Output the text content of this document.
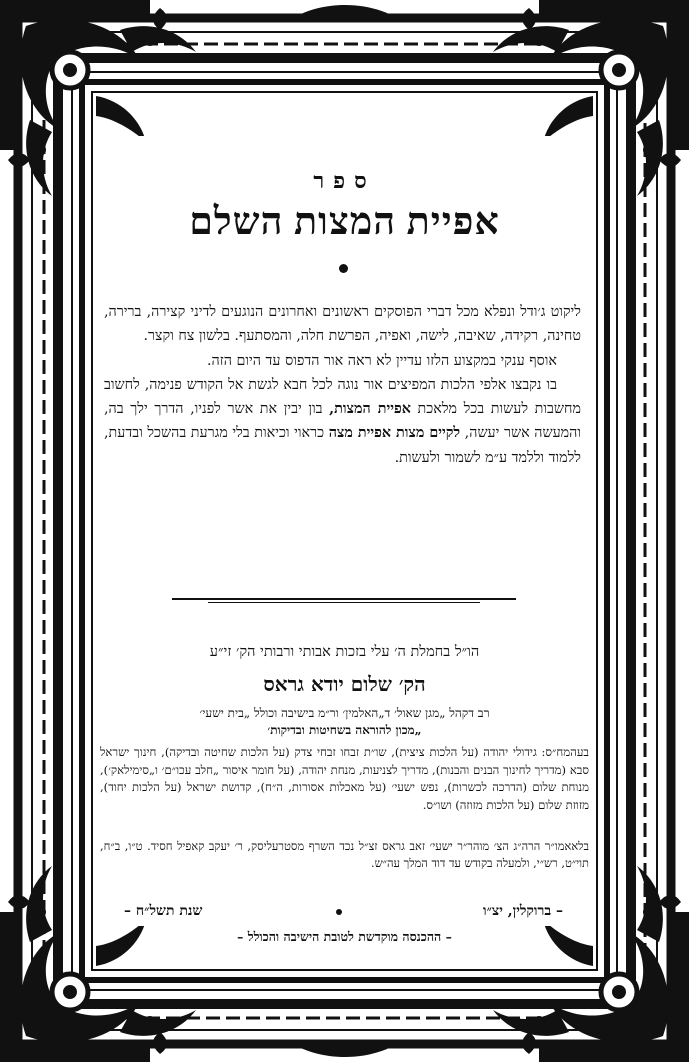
ספר
אפיית המצות השלם

ליקוט ג׳ודל ונפלא מכל דברי הפוסקים ראשונים ואחרונים הנוגעים לדיני קצירה, ברירה, טחינה, רקידה, שאיבה, לישה, ואפיה, הפרשת חלה, והמסתעף. בלשון צח וקצר.

אוסף ענקי במקצוע הלזו עדיין לא ראה אור הדפוס עד היום הזה.

בו נקבצו אלפי הלכות המפיצים אור נוגה לכל חבא לגשת אל הקודש פנימה, לחשוב מחשבות לעשות בכל מלאכת אפיית המצות, בון יבין את אשר לפניו, הדרך ילך בה, והמעשה אשר יעשה, לקיים מצות אפיית מצה כראוי וכיאות בלי מגרעת בהשכל ובדעת, ללמוד וללמד ע״מ לשמור ולעשות.

הו״ל בחמלת ה׳ עלי בזכות אבותי ורבותי הק׳ זי״ע
הק׳ שלום יודא גראס
רב דקהל „מגן שאול׳ ד„האלמין׳ ור״מ בישיבה וכולל „בית ישעי׳
„מכון להוראה בשחיטות ובדיקות׳

בעהמח״ס: גידולי יהודה (על הלכות ציצית), שו״ת זבחו זבחי צדק (על הלכות שחיטה ובדיקה), חינוך ישראל סבא (מדריך לחינוך הבנים והבנות), מדריך לצניעות, מנחת יהודה, (על חומר איסור „חלב עכו״ם׳ ו„סימילאק׳), מנוחת שלום (הדרכה לכשרות), נפש ישעי׳ (על מאכלות אסורות, ה״ח), קדושת ישראל (על הלכות יחוד), מזוזת שלום (על הלכות מזוזה) ושו״ס.

בלאאמו״ר הרה״ג הצ׳ מוהר״ר ישעי׳ זאב גראס זצ״ל נכד השרף מסטרעליסק, ר׳ יעקב קאפיל חסיד. ט״ו, ב״ח, תוי״ט, רש״י, ולמעלה בקודש עד דוד המלך עה״ש.

– ברוקלין, יצ״ו
שנת תשל״ח –
– ההכנסה מוקדשת לטובת הישיבה והכולל –
